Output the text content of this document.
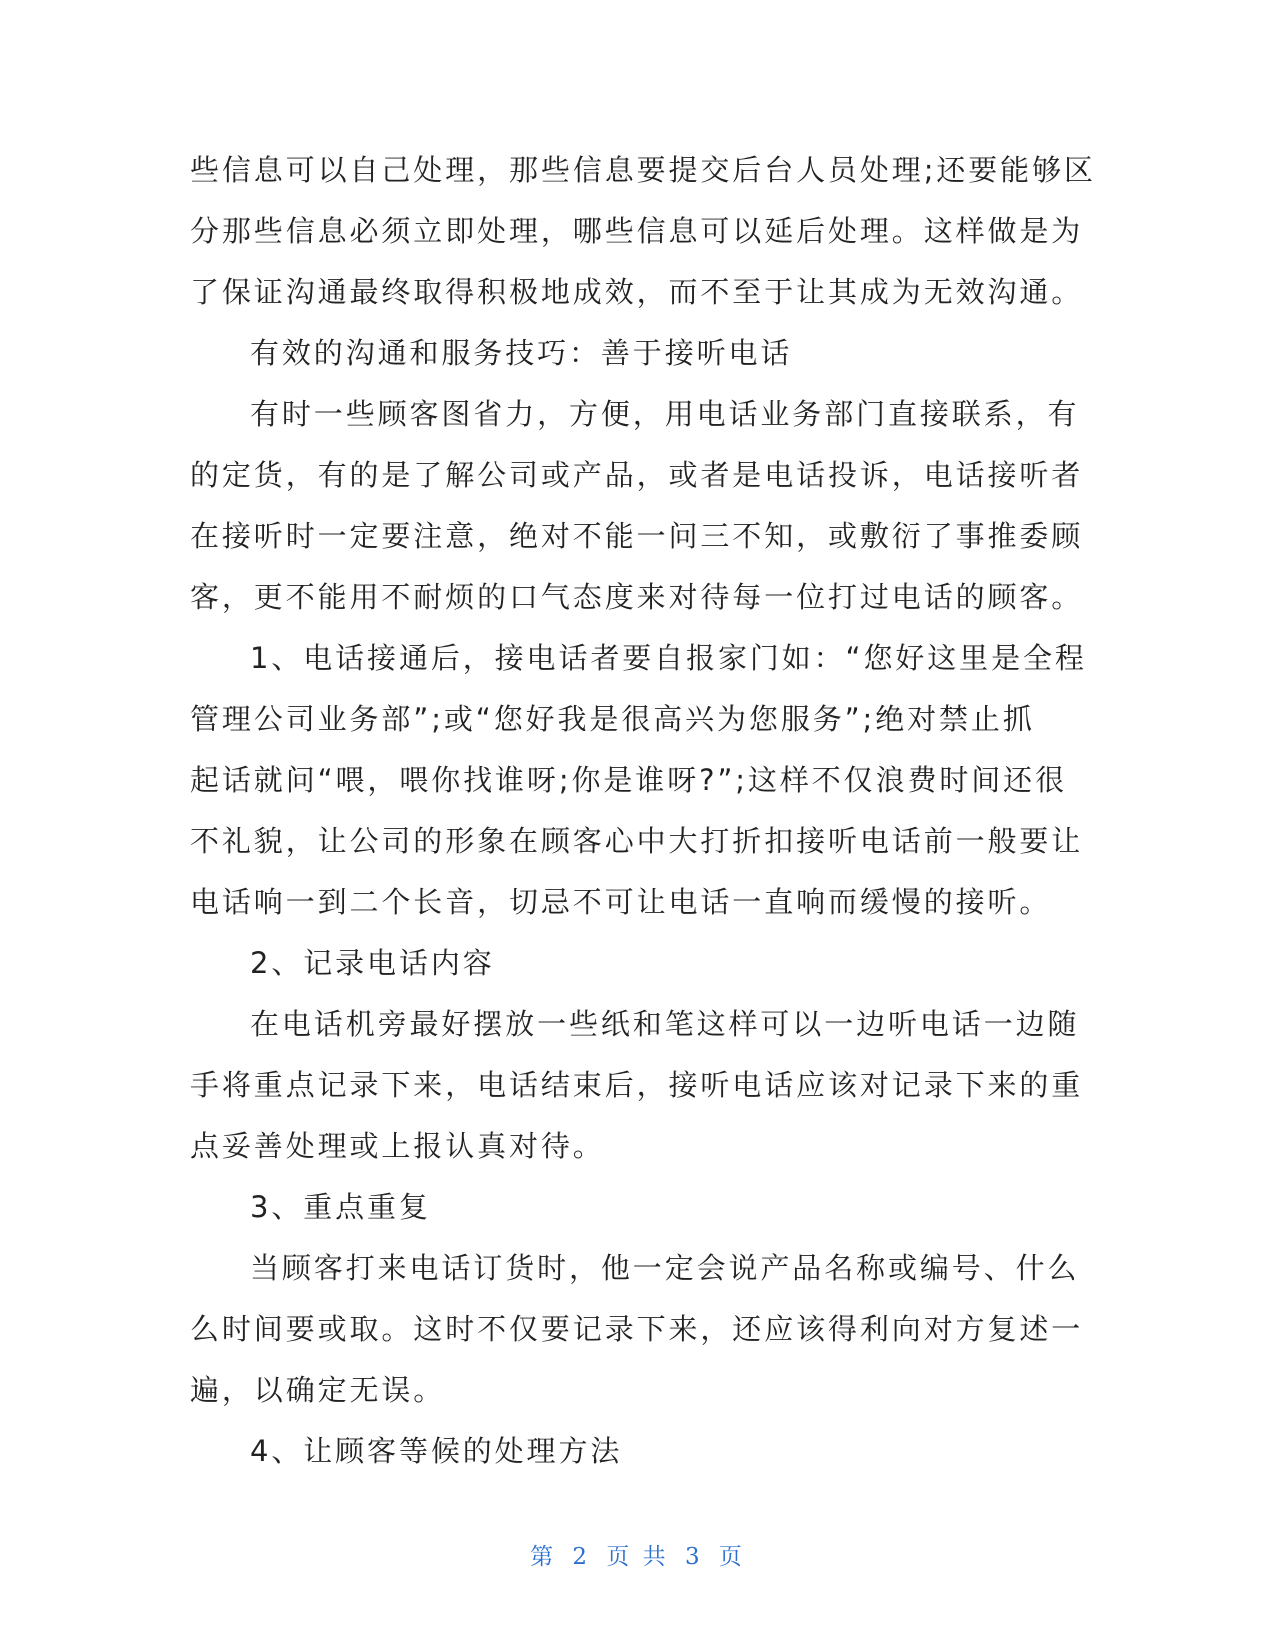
些信息可以自己处理，那些信息要提交后台人员处理;还要能够区
分那些信息必须立即处理，哪些信息可以延后处理。这样做是为
了保证沟通最终取得积极地成效，而不至于让其成为无效沟通。

有效的沟通和服务技巧：善于接听电话

有时一些顾客图省力，方便，用电话业务部门直接联系，有
的定货，有的是了解公司或产品，或者是电话投诉，电话接听者
在接听时一定要注意，绝对不能一问三不知，或敷衍了事推委顾
客，更不能用不耐烦的口气态度来对待每一位打过电话的顾客。

1、电话接通后，接电话者要自报家门如：“您好这里是全程
管理公司业务部”;或“您好我是很高兴为您服务”;绝对禁止抓
起话就问“喂，喂你找谁呀;你是谁呀?”;这样不仅浪费时间还很
不礼貌，让公司的形象在顾客心中大打折扣接听电话前一般要让
电话响一到二个长音，切忌不可让电话一直响而缓慢的接听。

2、记录电话内容

在电话机旁最好摆放一些纸和笔这样可以一边听电话一边随
手将重点记录下来，电话结束后，接听电话应该对记录下来的重
点妥善处理或上报认真对待。

3、重点重复

当顾客打来电话订货时，他一定会说产品名称或编号、什么
么时间要或取。这时不仅要记录下来，还应该得利向对方复述一
遍，以确定无误。

4、让顾客等候的处理方法

第 2 页 共 3 页
